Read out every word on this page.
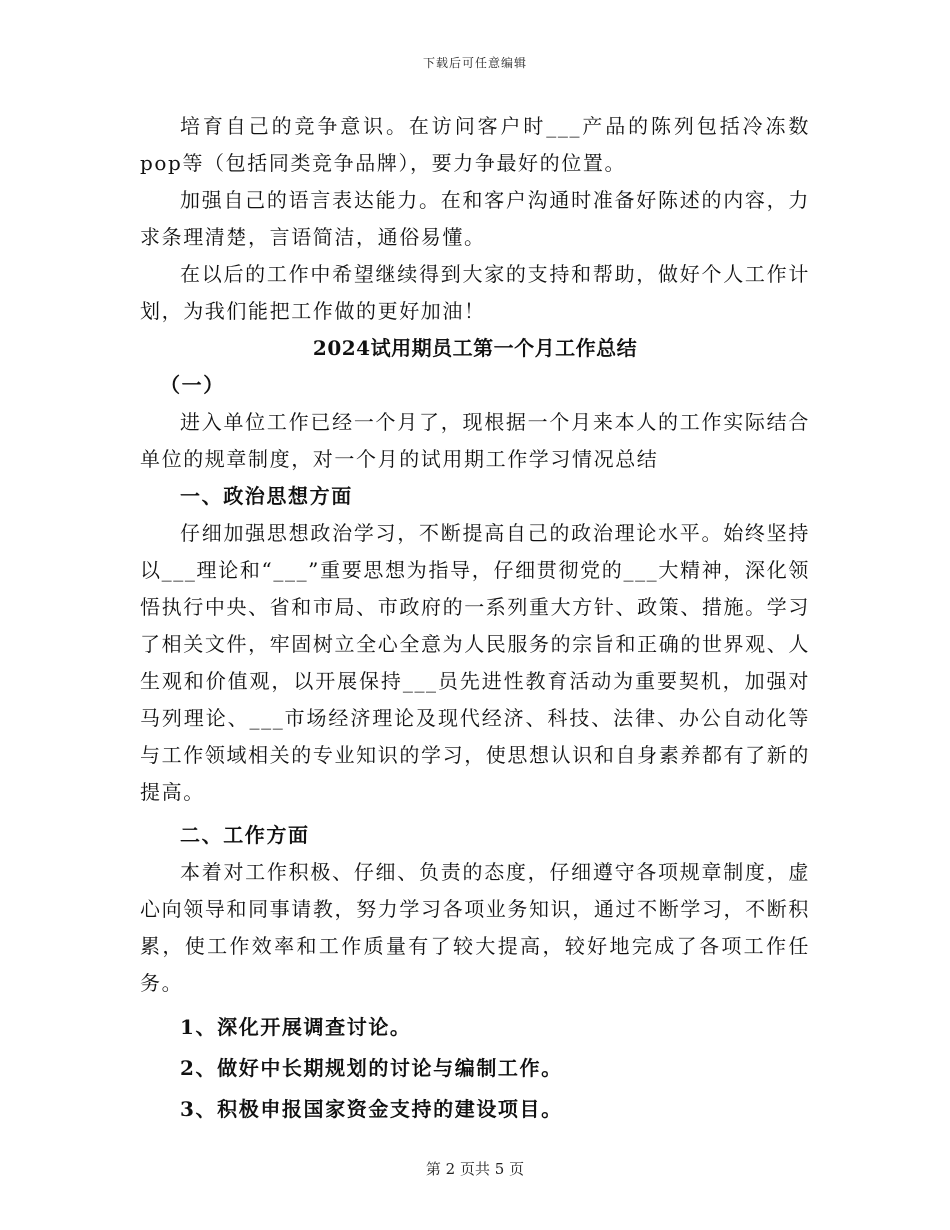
下载后可任意编辑

培育自己的竞争意识。在访问客户时___产品的陈列包括冷冻数pop等（包括同类竞争品牌），要力争最好的位置。

加强自己的语言表达能力。在和客户沟通时准备好陈述的内容，力求条理清楚，言语简洁，通俗易懂。

在以后的工作中希望继续得到大家的支持和帮助，做好个人工作计划，为我们能把工作做的更好加油！

2024试用期员工第一个月工作总结

（一）

进入单位工作已经一个月了，现根据一个月来本人的工作实际结合单位的规章制度，对一个月的试用期工作学习情况总结

一、政治思想方面

仔细加强思想政治学习，不断提高自己的政治理论水平。始终坚持以___理论和“___”重要思想为指导，仔细贯彻党的___大精神，深化领悟执行中央、省和市局、市政府的一系列重大方针、政策、措施。学习了相关文件，牢固树立全心全意为人民服务的宗旨和正确的世界观、人生观和价值观，以开展保持___员先进性教育活动为重要契机，加强对马列理论、___市场经济理论及现代经济、科技、法律、办公自动化等与工作领域相关的专业知识的学习，使思想认识和自身素养都有了新的提高。

二、工作方面

本着对工作积极、仔细、负责的态度，仔细遵守各项规章制度，虚心向领导和同事请教，努力学习各项业务知识，通过不断学习，不断积累，使工作效率和工作质量有了较大提高，较好地完成了各项工作任务。

1、深化开展调查讨论。

2、做好中长期规划的讨论与编制工作。

3、积极申报国家资金支持的建设项目。

第 2 页共 5 页
